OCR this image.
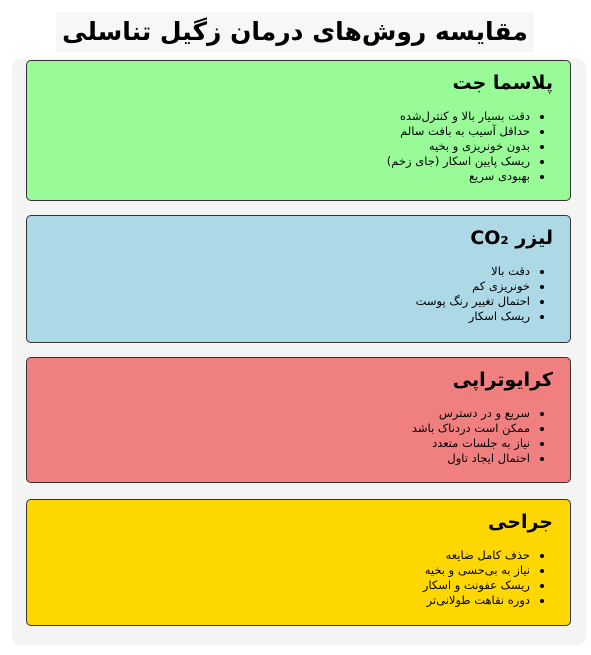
مقایسه روش‌های درمان زگیل تناسلی
پلاسما جت
• دقت بسیار بالا و کنترل‌شده
• حداقل آسیب به بافت سالم
• بدون خونریزی و بخیه
• ریسک پایین اسکار (جای زخم)
• بهبودی سریع
لیزر CO₂
• دقت بالا
• خونریزی کم
• احتمال تغییر رنگ پوست
• ریسک اسکار
کرایوتراپی
• سریع و در دسترس
• ممکن است دردناک باشد
• نیاز به جلسات متعدد
• احتمال ایجاد تاول
جراحی
• حذف کامل ضایعه
• نیاز به بی‌حسی و بخیه
• ریسک عفونت و اسکار
• دوره نقاهت طولانی‌تر
